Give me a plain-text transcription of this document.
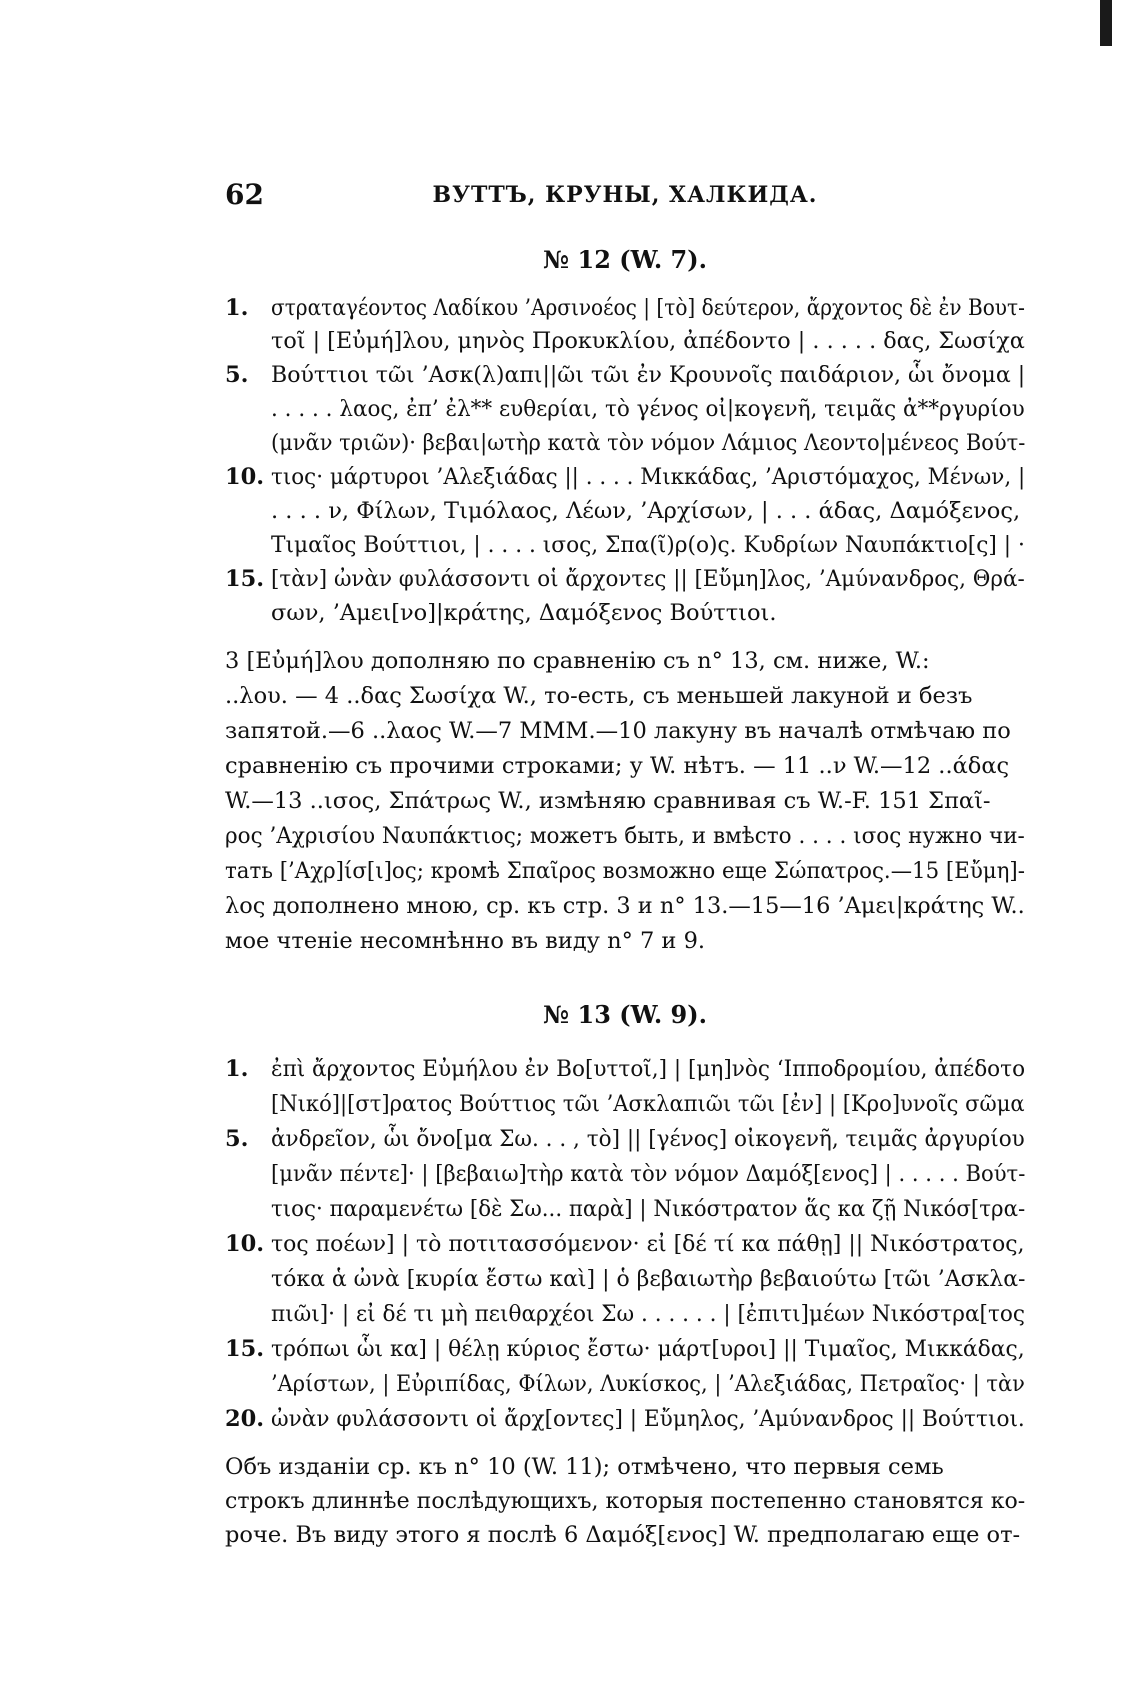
62	ВУТТЪ, КРУНЫ, ХАЛКИДА.
№ 12 (W. 7).
1. στραταγέοντος Λαδίκου ’Αρσινοέος | [τὸ] δεύτερον, ἄρχοντος δὲ ἐν Βουτ-
τοῖ | [Εὐμή]λου, μηνὸς Προκυκλίου, ἀπέδοντο | . . . . . δας, Σωσίχα
5. Βούττιοι τῶι ’Ασκ(λ)απι||ῶι τῶι ἐν Κρουνοῖς παιδάριον, ὧι ὄνομα |
. . . . . λαος, ἐπ’ ἐλ** ευθερίαι, τὸ γένος οἰ|κογενῆ, τειμᾶς ἀ**ργυρίου
(μνᾶν τριῶν)· βεβαι|ωτὴρ κατὰ τὸν νόμον Λάμιος Λεοντο|μένεος Βούτ-
10. τιος· μάρτυροι ’Αλεξιάδας || . . . . Μικκάδας, ’Αριστόμαχος, Μένων, |
. . . . ν, Φίλων, Τιμόλαος, Λέων, ’Αρχίσων, | . . . άδας, Δαμόξενος,
Τιμαῖος Βούττιοι, | . . . . ισος, Σπα(ῖ)ρ(ο)ς. Κυδρίων Ναυπάκτιο[ς] | ·
15. [τὰν] ὠνὰν φυλάσσοντι οἱ ἄρχοντες || [Εὔμη]λος, ’Αμύνανδρος, Θρά-
σων, ’Αμει[νο]|κράτης, Δαμόξενος Βούττιοι.
3 [Εὐμή]λου дополняю по сравненію съ n° 13, см. ниже, W.:
..λου. — 4 ..δας Σωσίχα W., то-есть, съ меньшей лакуной и безъ
запятой.—6 ..λαος W.—7 МММ.—10 лакуну въ началѣ отмѣчаю по
сравненію съ прочими строками; у W. нѣтъ. — 11 ..ν W.—12 ..άδας
W.—13 ..ισος, Σπάτρως W., измѣняю сравнивая съ W.-F. 151 Σπαῖ-
ρος ’Αχρισίου Ναυπάκτιος; можетъ быть, и вмѣсто . . . . ισος нужно чи-
тать [’Αχρ]ίσ[ι]ος; кромѣ Σπαῖρος возможно еще Σώπατρος.—15 [Εὔμη]-
λος дополнено мною, ср. къ стр. 3 и n° 13.—15—16 ’Αμει|κράτης W..
мое чтеніе несомнѣнно въ виду n° 7 и 9.
№ 13 (W. 9).
1. ἐπὶ ἄρχοντος Εὐμήλου ἐν Βο[υττοῖ,] | [μη]νὸς ‘Ιπποδρομίου, ἀπέδοτο
[Νικό]|[στ]ρατος Βούττιος τῶι ’Ασκλαπιῶι τῶι [ἐν] | [Κρο]υνοῖς σῶμα
5. ἀνδρεῖον, ὧι ὄνο[μα Σω. . . , τὸ] || [γένος] οἰκογενῆ, τειμᾶς ἀργυρίου
[μνᾶν πέντε]· | [βεβαιω]τὴρ κατὰ τὸν νόμον Δαμόξ[ενος] | . . . . . Βούτ-
τιος· παραμενέτω [δὲ Σω... παρὰ] | Νικόστρατον ἅς κα ζῇ Νικόσ[τρα-
10. τος ποέων] | τὸ ποτιτασσόμενον· εἰ [δέ τί κα πάθῃ] || Νικόστρατος,
τόκα ἁ ὠνὰ [κυρία ἔστω καὶ] | ὁ βεβαιωτὴρ βεβαιούτω [τῶι ’Ασκλα-
πιῶι]· | εἰ δέ τι μὴ πειθαρχέοι Σω . . . . . . | [ἐπιτι]μέων Νικόστρα[τος
15. τρόπωι ὧι κα] | θέλῃ κύριος ἔστω· μάρτ[υροι] || Τιμαῖος, Μικκάδας,
’Αρίστων, | Εὐριπίδας, Φίλων, Λυκίσκος, | ’Αλεξιάδας, Πετραῖος· | τὰν
20. ὠνὰν φυλάσσοντι οἱ ἄρχ[οντες] | Εὔμηλος, ’Αμύνανδρος || Βούττιοι.
Объ изданіи ср. къ n° 10 (W. 11); отмѣчено, что первыя семь
строкъ длиннѣе послѣдующихъ, которыя постепенно становятся ко-
роче. Въ виду этого я послѣ 6 Δαμόξ[ενος] W. предполагаю еще от-
